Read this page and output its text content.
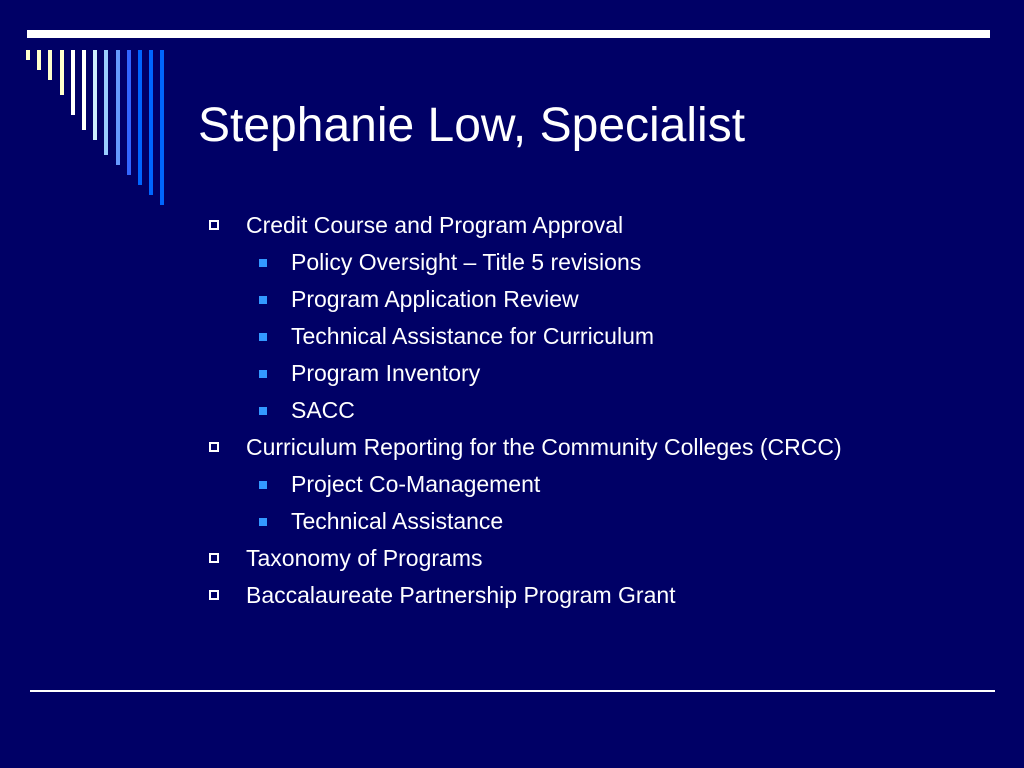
Stephanie Low, Specialist
Credit Course and Program Approval
Policy Oversight – Title 5 revisions
Program Application Review
Technical Assistance for Curriculum
Program Inventory
SACC
Curriculum Reporting for the Community Colleges (CRCC)
Project Co-Management
Technical Assistance
Taxonomy of Programs
Baccalaureate Partnership Program Grant
